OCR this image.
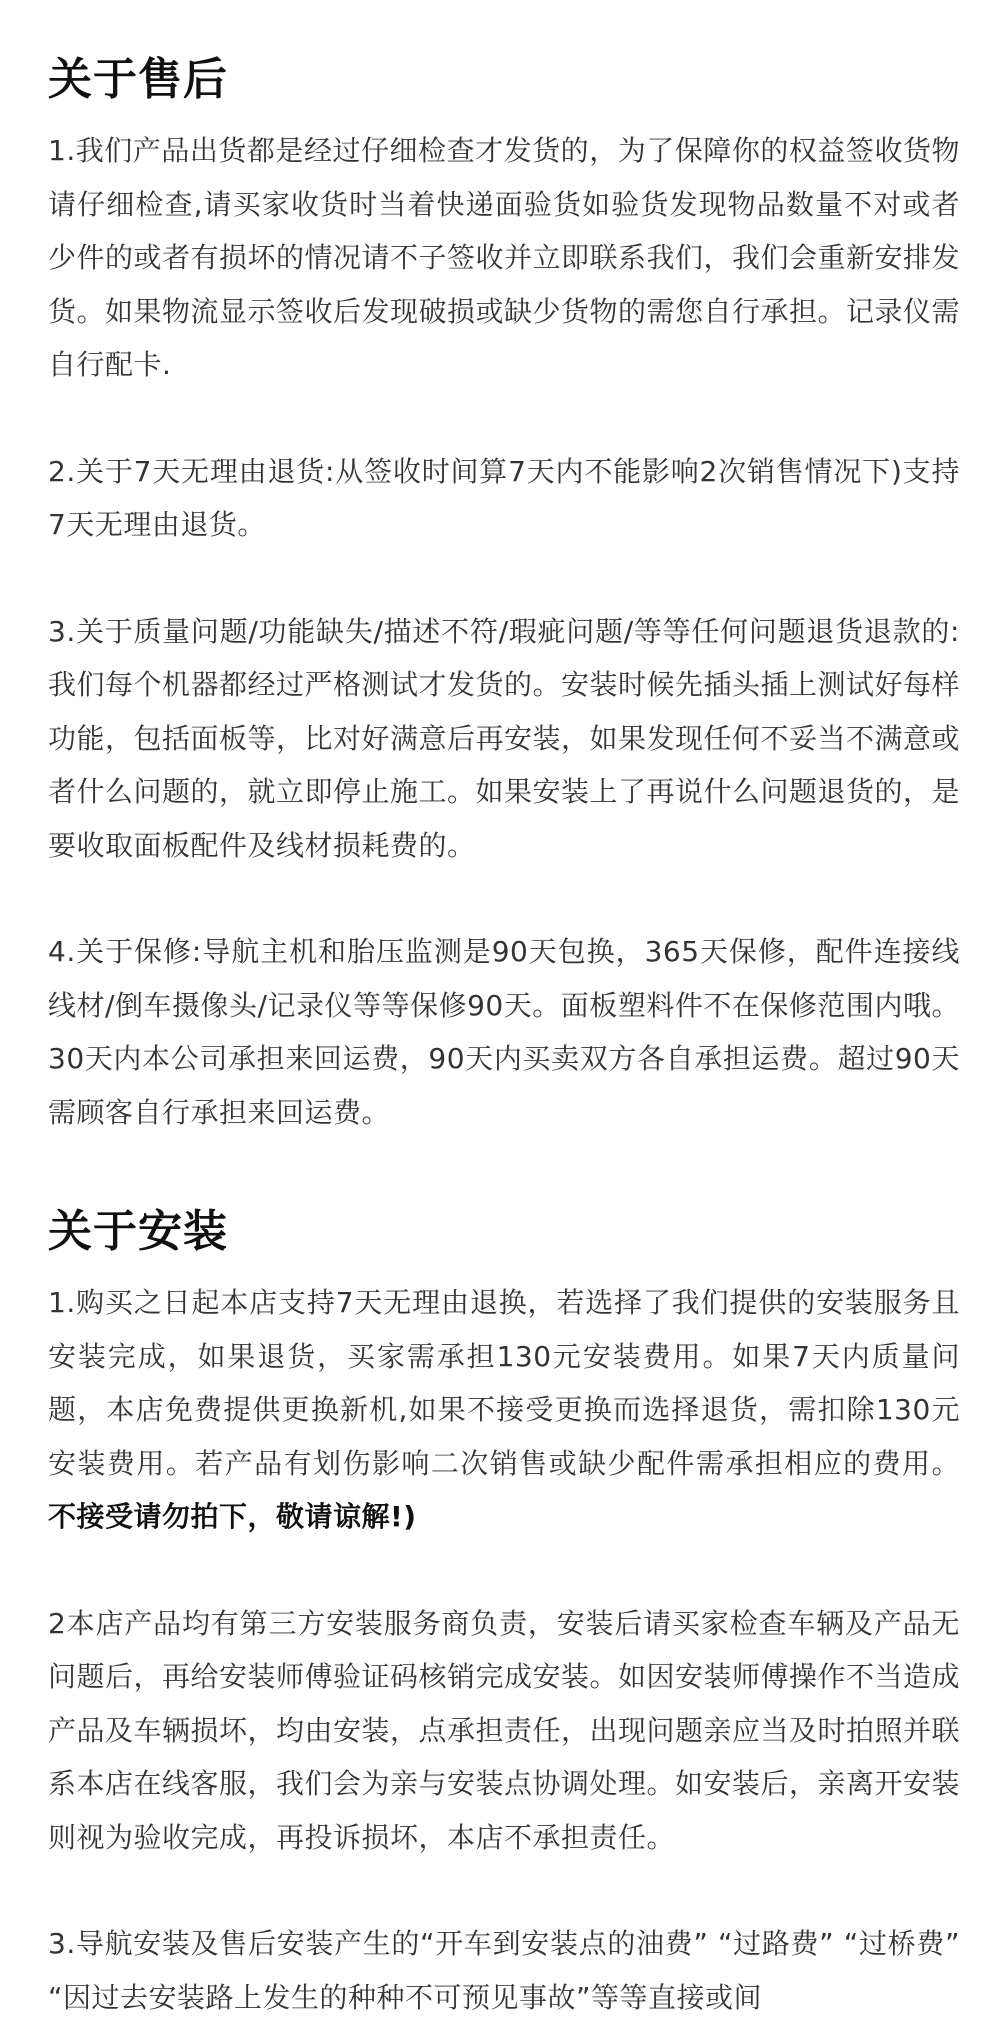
关于售后

1.我们产品出货都是经过仔细检查才发货的，为了保障你的权益签收货物请仔细检查,请买家收货时当着快递面验货如验货发现物品数量不对或者少件的或者有损坏的情况请不子签收并立即联系我们，我们会重新安排发货。如果物流显示签收后发现破损或缺少货物的需您自行承担。记录仪需自行配卡.

2.关于7天无理由退货:从签收时间算7天内不能影响2次销售情况下)支持7天无理由退货。

3.关于质量问题/功能缺失/描述不符/瑕疵问题/等等任何问题退货退款的:我们每个机器都经过严格测试才发货的。安装时候先插头插上测试好每样功能，包括面板等，比对好满意后再安装，如果发现任何不妥当不满意或者什么问题的，就立即停止施工。如果安装上了再说什么问题退货的，是要收取面板配件及线材损耗费的。

4.关于保修:导航主机和胎压监测是90天包换，365天保修，配件连接线线材/倒车摄像头/记录仪等等保修90天。面板塑料件不在保修范围内哦。30天内本公司承担来回运费，90天内买卖双方各自承担运费。超过90天需顾客自行承担来回运费。

关于安装

1.购买之日起本店支持7天无理由退换，若选择了我们提供的安装服务且安装完成，如果退货，买家需承担130元安装费用。如果7天内质量问题，本店免费提供更换新机,如果不接受更换而选择退货，需扣除130元安装费用。若产品有划伤影响二次销售或缺少配件需承担相应的费用。不接受请勿拍下，敬请谅解!)

2本店产品均有第三方安装服务商负责，安装后请买家检查车辆及产品无问题后，再给安装师傅验证码核销完成安装。如因安装师傅操作不当造成产品及车辆损坏，均由安装，点承担责任，出现问题亲应当及时拍照并联系本店在线客服，我们会为亲与安装点协调处理。如安装后，亲离开安装则视为验收完成，再投诉损坏，本店不承担责任。

3.导航安装及售后安装产生的“开车到安装点的油费” “过路费” “过桥费” “因过去安装路上发生的种种不可预见事故”等等直接或间
